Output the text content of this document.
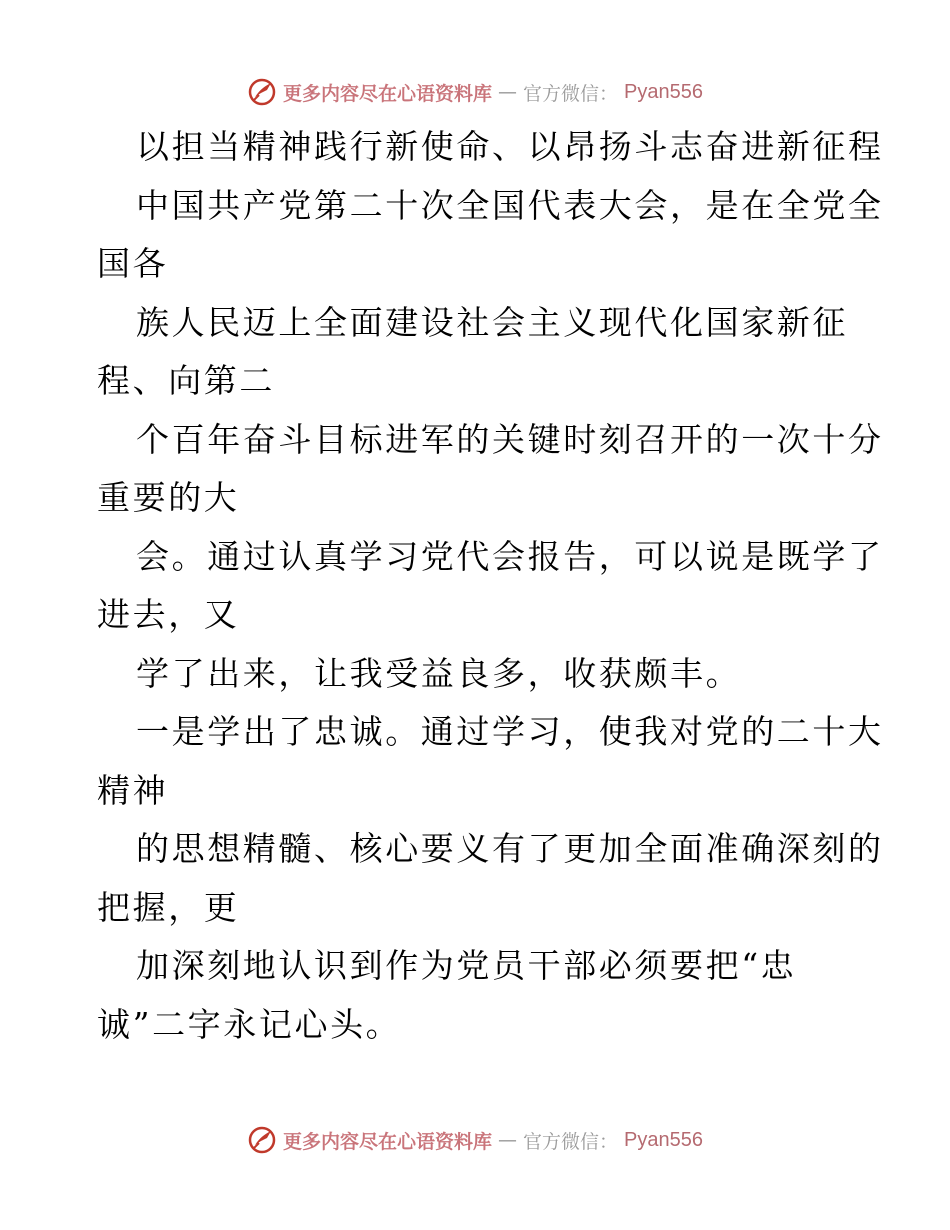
更多内容尽在心语资料库 — 官方微信： Pyan556
以担当精神践行新使命、以昂扬斗志奋进新征程
中国共产党第二十次全国代表大会，是在全党全
国各
族人民迈上全面建设社会主义现代化国家新征
程、向第二
个百年奋斗目标进军的关键时刻召开的一次十分
重要的大
会。通过认真学习党代会报告，可以说是既学了
进去，又
学了出来，让我受益良多，收获颇丰。
一是学出了忠诚。通过学习，使我对党的二十大
精神
的思想精髓、核心要义有了更加全面准确深刻的
把握，更
加深刻地认识到作为党员干部必须要把“忠
诚”二字永记心头。
更多内容尽在心语资料库 — 官方微信： Pyan556
